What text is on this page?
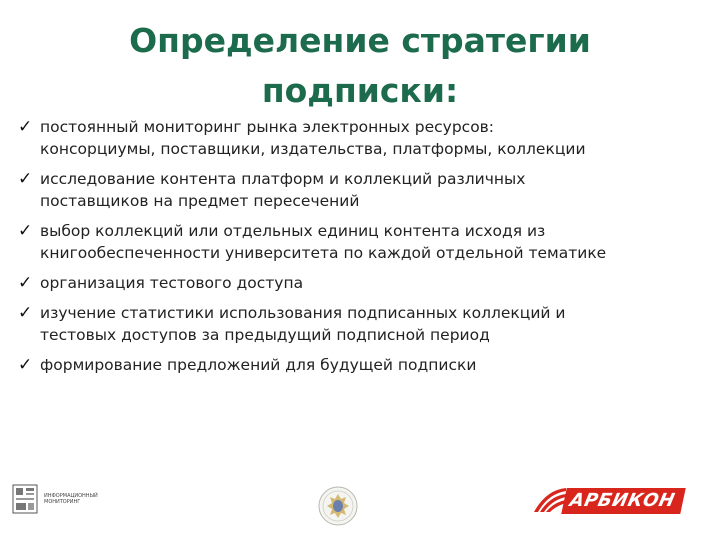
Определение стратегии
подписки:
✓ постоянный мониторинг рынка электронных ресурсов:
консорциумы, поставщики, издательства, платформы, коллекции
✓ исследование контента платформ и коллекций различных
поставщиков на предмет пересечений
✓ выбор коллекций или отдельных единиц контента исходя из
книгообеспеченности университета по каждой отдельной тематике
✓ организация тестового доступа
✓ изучение статистики использования подписанных коллекций и
тестовых доступов за предыдущий подписной период
✓ формирование предложений для будущей подписки
ИНФОРМАЦИОННЫЙ МОНИТОРИНГ	АРБИКОН
